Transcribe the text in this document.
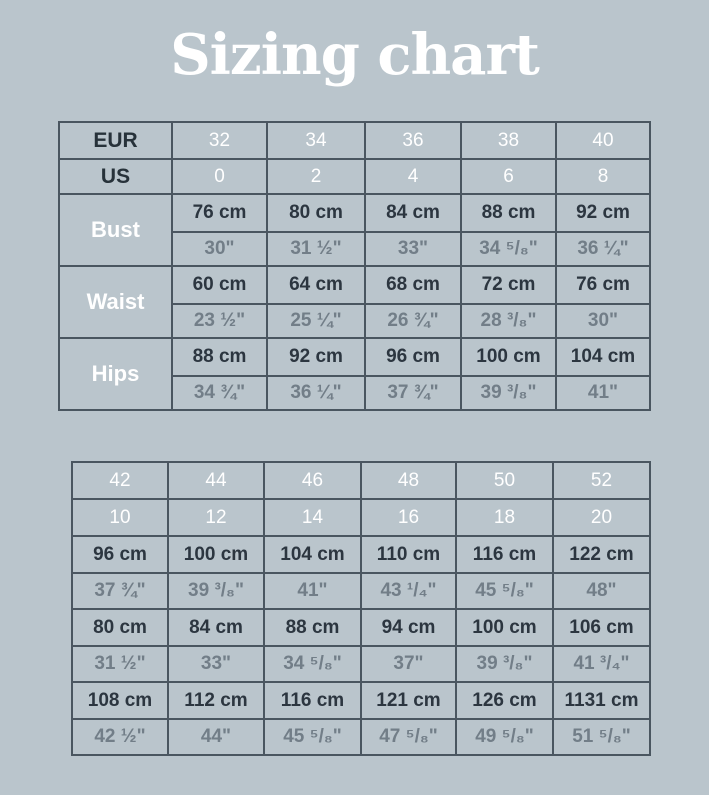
Sizing chart
EUR	32	34	36	38	40
US	0	2	4	6	8
Bust	76 cm	80 cm	84 cm	88 cm	92 cm
	30"	31 ½"	33"	34 ⁵/₈"	36 ¼"
Waist	60 cm	64 cm	68 cm	72 cm	76 cm
	23 ½"	25 ¼"	26 ¾"	28 ³/₈"	30"
Hips	88 cm	92 cm	96 cm	100 cm	104 cm
	34 ¾"	36 ¼"	37 ¾"	39 ³/₈"	41"
42	44	46	48	50	52
10	12	14	16	18	20
96 cm	100 cm	104 cm	110 cm	116 cm	122 cm
37 ¾"	39 ³/₈"	41"	43 ¹/₄"	45 ⁵/₈"	48"
80 cm	84 cm	88 cm	94 cm	100 cm	106 cm
31 ½"	33"	34 ⁵/₈"	37"	39 ³/₈"	41 ³/₄"
108 cm	112 cm	116 cm	121 cm	126 cm	1131 cm
42 ½"	44"	45 ⁵/₈"	47 ⁵/₈"	49 ⁵/₈"	51 ⁵/₈"
